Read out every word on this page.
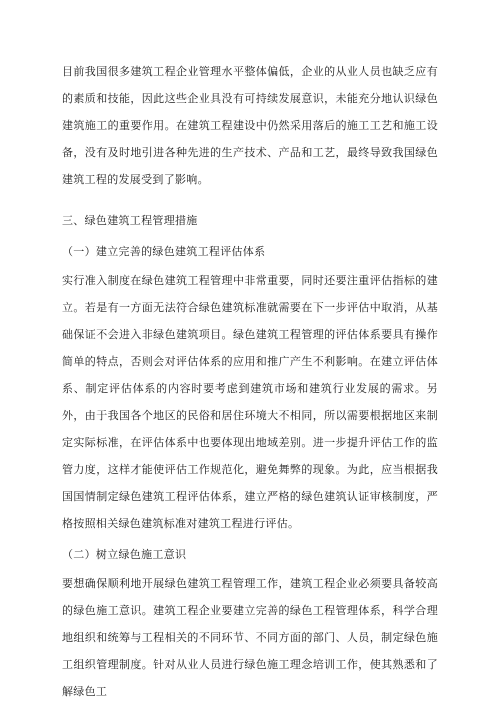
目前我国很多建筑工程企业管理水平整体偏低，企业的从业人员也缺乏应有的素质和技能，因此这些企业具没有可持续发展意识，未能充分地认识绿色建筑施工的重要作用。在建筑工程建设中仍然采用落后的施工工艺和施工设备，没有及时地引进各种先进的生产技术、产品和工艺，最终导致我国绿色建筑工程的发展受到了影响。

三、绿色建筑工程管理措施

（一）建立完善的绿色建筑工程评估体系

实行准入制度在绿色建筑工程管理中非常重要，同时还要注重评估指标的建立。若是有一方面无法符合绿色建筑标准就需要在下一步评估中取消，从基础保证不会进入非绿色建筑项目。绿色建筑工程管理的评估体系要具有操作简单的特点，否则会对评估体系的应用和推广产生不利影响。在建立评估体系、制定评估体系的内容时要考虑到建筑市场和建筑行业发展的需求。另外，由于我国各个地区的民俗和居住环境大不相同，所以需要根据地区来制定实际标准，在评估体系中也要体现出地域差别。进一步提升评估工作的监管力度，这样才能使评估工作规范化，避免舞弊的现象。为此，应当根据我国国情制定绿色建筑工程评估体系，建立严格的绿色建筑认证审核制度，严格按照相关绿色建筑标准对建筑工程进行评估。

（二）树立绿色施工意识

要想确保顺利地开展绿色建筑工程管理工作，建筑工程企业必须要具备较高的绿色施工意识。建筑工程企业要建立完善的绿色工程管理体系，科学合理地组织和统筹与工程相关的不同环节、不同方面的部门、人员，制定绿色施工组织管理制度。针对从业人员进行绿色施工理念培训工作，使其熟悉和了解绿色工
